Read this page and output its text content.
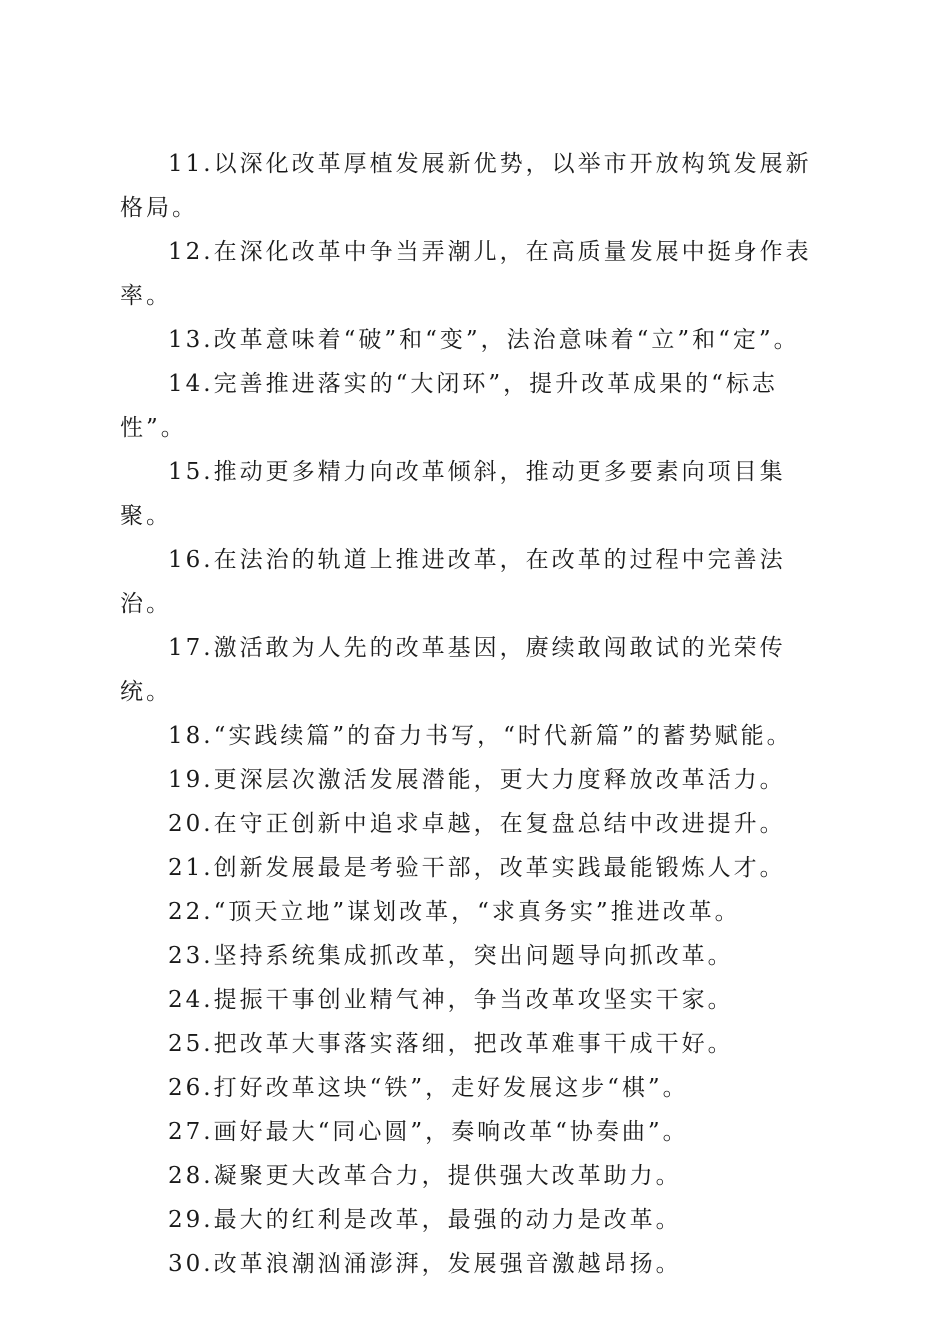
11.以深化改革厚植发展新优势，以举市开放构筑发展新格局。

12.在深化改革中争当弄潮儿，在高质量发展中挺身作表率。

13.改革意味着“破”和“变”，法治意味着“立”和“定”。

14.完善推进落实的“大闭环”，提升改革成果的“标志性”。

15.推动更多精力向改革倾斜，推动更多要素向项目集聚。

16.在法治的轨道上推进改革，在改革的过程中完善法治。

17.激活敢为人先的改革基因，赓续敢闯敢试的光荣传统。

18.“实践续篇”的奋力书写，“时代新篇”的蓄势赋能。

19.更深层次激活发展潜能，更大力度释放改革活力。

20.在守正创新中追求卓越，在复盘总结中改进提升。

21.创新发展最是考验干部，改革实践最能锻炼人才。

22.“顶天立地”谋划改革，“求真务实”推进改革。

23.坚持系统集成抓改革，突出问题导向抓改革。

24.提振干事创业精气神，争当改革攻坚实干家。

25.把改革大事落实落细，把改革难事干成干好。

26.打好改革这块“铁”，走好发展这步“棋”。

27.画好最大“同心圆”，奏响改革“协奏曲”。

28.凝聚更大改革合力，提供强大改革助力。

29.最大的红利是改革，最强的动力是改革。

30.改革浪潮汹涌澎湃，发展强音激越昂扬。
